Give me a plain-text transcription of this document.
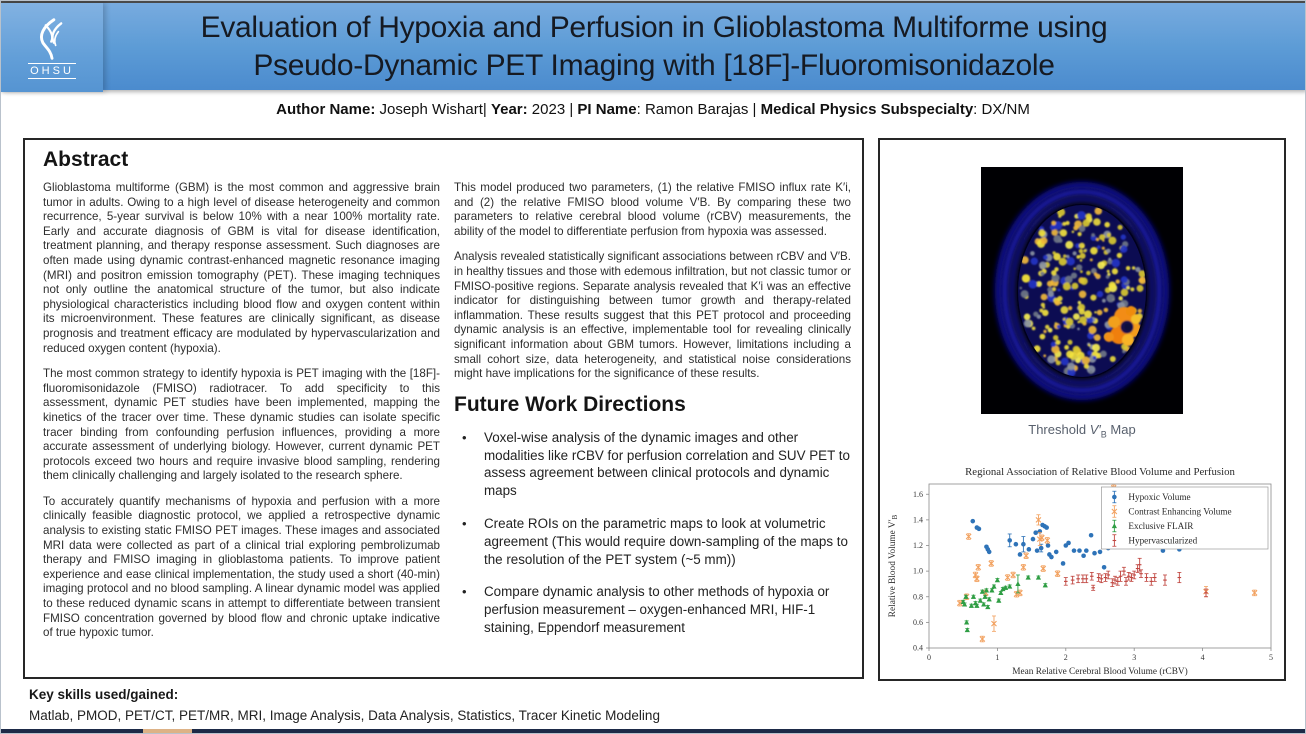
Evaluation of Hypoxia and Perfusion in Glioblastoma Multiforme using
Pseudo-Dynamic PET Imaging with [18F]-Fluoromisonidazole
OHSU
Author Name: Joseph Wishart| Year: 2023 | PI Name: Ramon Barajas | Medical Physics Subspecialty: DX/NM
Abstract

Glioblastoma multiforme (GBM) is the most common and aggressive brain tumor in adults. Owing to a high level of disease heterogeneity and common recurrence, 5-year survival is below 10% with a near 100% mortality rate. Early and accurate diagnosis of GBM is vital for disease identification, treatment planning, and therapy response assessment. Such diagnoses are often made using dynamic contrast-enhanced magnetic resonance imaging (MRI) and positron emission tomography (PET). These imaging techniques not only outline the anatomical structure of the tumor, but also indicate physiological characteristics including blood flow and oxygen content within its microenvironment. These features are clinically significant, as disease prognosis and treatment efficacy are modulated by hypervascularization and reduced oxygen content (hypoxia).

The most common strategy to identify hypoxia is PET imaging with the [18F]- fluoromisonidazole (FMISO) radiotracer. To add specificity to this assessment, dynamic PET studies have been implemented, mapping the kinetics of the tracer over time. These dynamic studies can isolate specific tracer binding from confounding perfusion influences, providing a more accurate assessment of underlying biology. However, current dynamic PET protocols exceed two hours and require invasive blood sampling, rendering them clinically challenging and largely isolated to the research sphere.

To accurately quantify mechanisms of hypoxia and perfusion with a more clinically feasible diagnostic protocol, we applied a retrospective dynamic analysis to existing static FMISO PET images. These images and associated MRI data were collected as part of a clinical trial exploring pembrolizumab therapy and FMISO imaging in glioblastoma patients. To improve patient experience and ease clinical implementation, the study used a short (40-min) imaging protocol and no blood sampling. A linear dynamic model was applied to these reduced dynamic scans in attempt to differentiate between transient FMISO concentration governed by blood flow and chronic uptake indicative of true hypoxic tumor.

This model produced two parameters, (1) the relative FMISO influx rate K′i, and (2) the relative FMISO blood volume V′B. By comparing these two parameters to relative cerebral blood volume (rCBV) measurements, the ability of the model to differentiate perfusion from hypoxia was assessed.

Analysis revealed statistically significant associations between rCBV and V′B. in healthy tissues and those with edemous infiltration, but not classic tumor or FMISO-positive regions. Separate analysis revealed that K′i was an effective indicator for distinguishing between tumor growth and therapy-related inflammation. These results suggest that this PET protocol and proceeding dynamic analysis is an effective, implementable tool for revealing clinically significant information about GBM tumors. However, limitations including a small cohort size, data heterogeneity, and statistical noise considerations might have implications for the significance of these results.

Future Work Directions
• Voxel-wise analysis of the dynamic images and other modalities like rCBV for perfusion correlation and SUV PET to assess agreement between clinical protocols and dynamic maps
• Create ROIs on the parametric maps to look at volumetric agreement (This would require down-sampling of the maps to the resolution of the PET system (~5 mm))
• Compare dynamic analysis to other methods of hypoxia or perfusion measurement – oxygen-enhanced MRI, HIF-1 staining, Eppendorf measurement
Threshold $V'_B$ Map
0.4
0.6
0.8
1.0
1.2
1.4
1.6
0	1	2	3	4	5
Regional Association of Relative Blood Volume and Perfusion
Mean Relative Cerebral Blood Volume (rCBV)
Relative Blood Volume $V'_B$
Hypoxic Volume
Contrast Enhancing Volume
Exclusive FLAIR
Hypervascularized
Key skills used/gained:
Matlab, PMOD, PET/CT, PET/MR, MRI, Image Analysis, Data Analysis, Statistics, Tracer Kinetic Modeling
